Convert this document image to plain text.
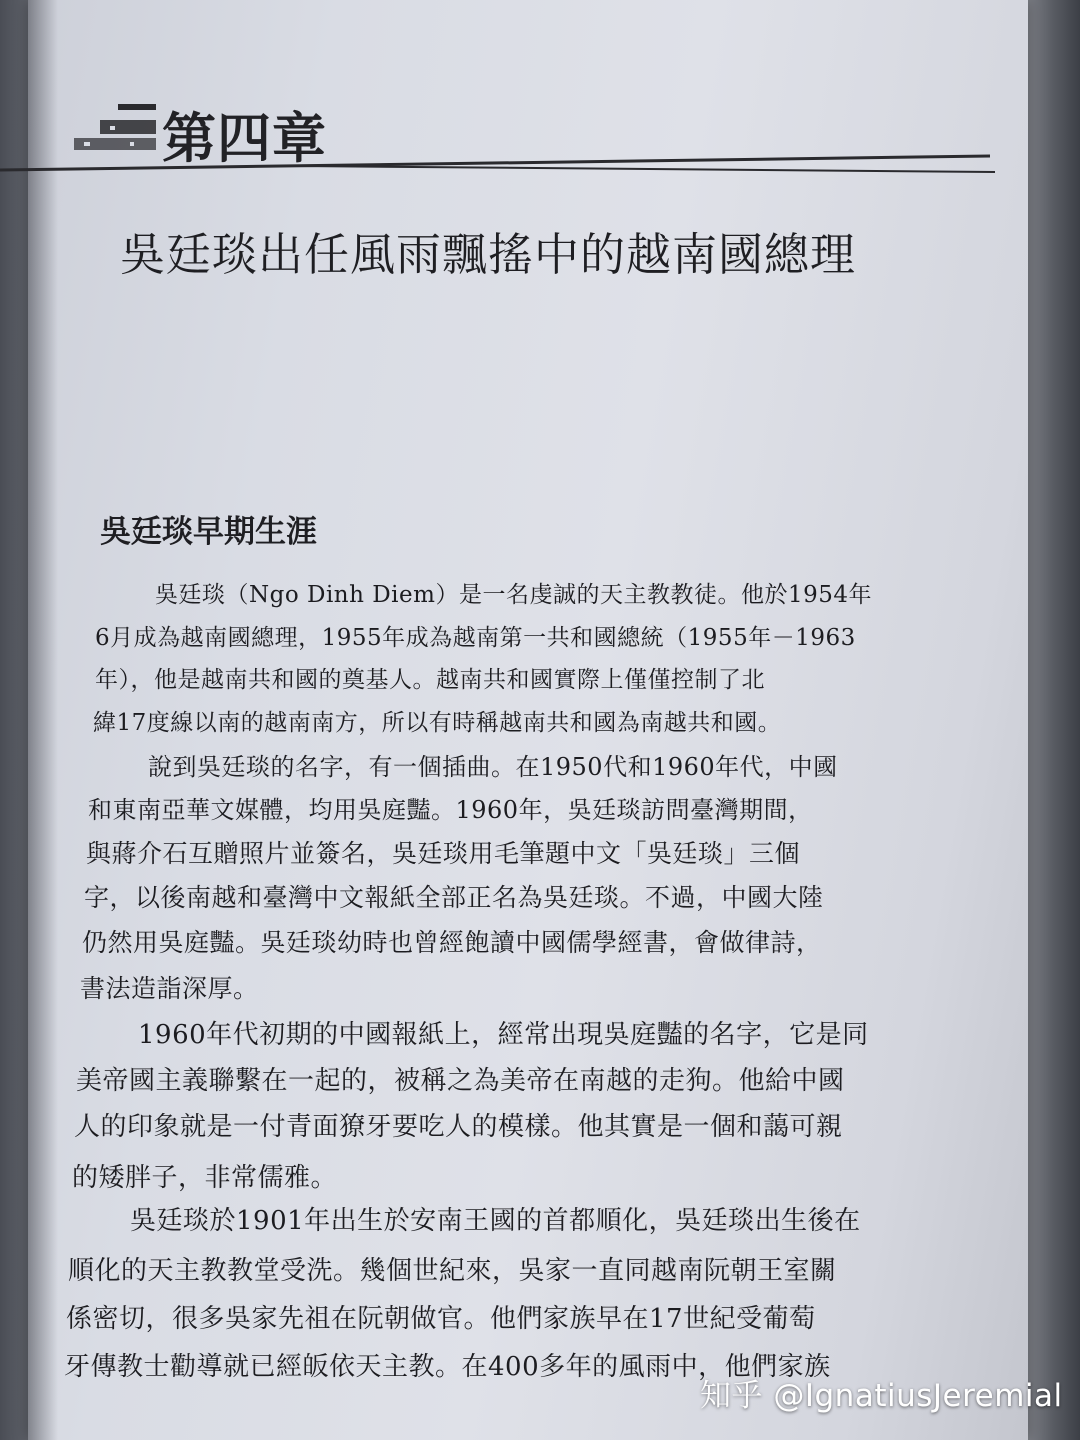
第四章
吳廷琰出任風雨飄搖中的越南國總理
吳廷琰早期生涯
吳廷琰（Ngo Dinh Diem）是一名虔誠的天主教教徒。他於1954年
6月成為越南國總理，1955年成為越南第一共和國總統（1955年－1963
年），他是越南共和國的奠基人。越南共和國實際上僅僅控制了北
緯17度線以南的越南南方，所以有時稱越南共和國為南越共和國。
說到吳廷琰的名字，有一個插曲。在1950代和1960年代，中國
和東南亞華文媒體，均用吳庭豔。1960年，吳廷琰訪問臺灣期間，
與蔣介石互贈照片並簽名，吳廷琰用毛筆題中文「吳廷琰」三個
字，以後南越和臺灣中文報紙全部正名為吳廷琰。不過，中國大陸
仍然用吳庭豔。吳廷琰幼時也曾經飽讀中國儒學經書，會做律詩，
書法造詣深厚。
1960年代初期的中國報紙上，經常出現吳庭豔的名字，它是同
美帝國主義聯繫在一起的，被稱之為美帝在南越的走狗。他給中國
人的印象就是一付青面獠牙要吃人的模樣。他其實是一個和藹可親
的矮胖子，非常儒雅。
吳廷琰於1901年出生於安南王國的首都順化，吳廷琰出生後在
順化的天主教教堂受洗。幾個世紀來，吳家一直同越南阮朝王室關
係密切，很多吳家先祖在阮朝做官。他們家族早在17世紀受葡萄
牙傳教士勸導就已經皈依天主教。在400多年的風雨中，他們家族
知乎 @IgnatiusJeremial
